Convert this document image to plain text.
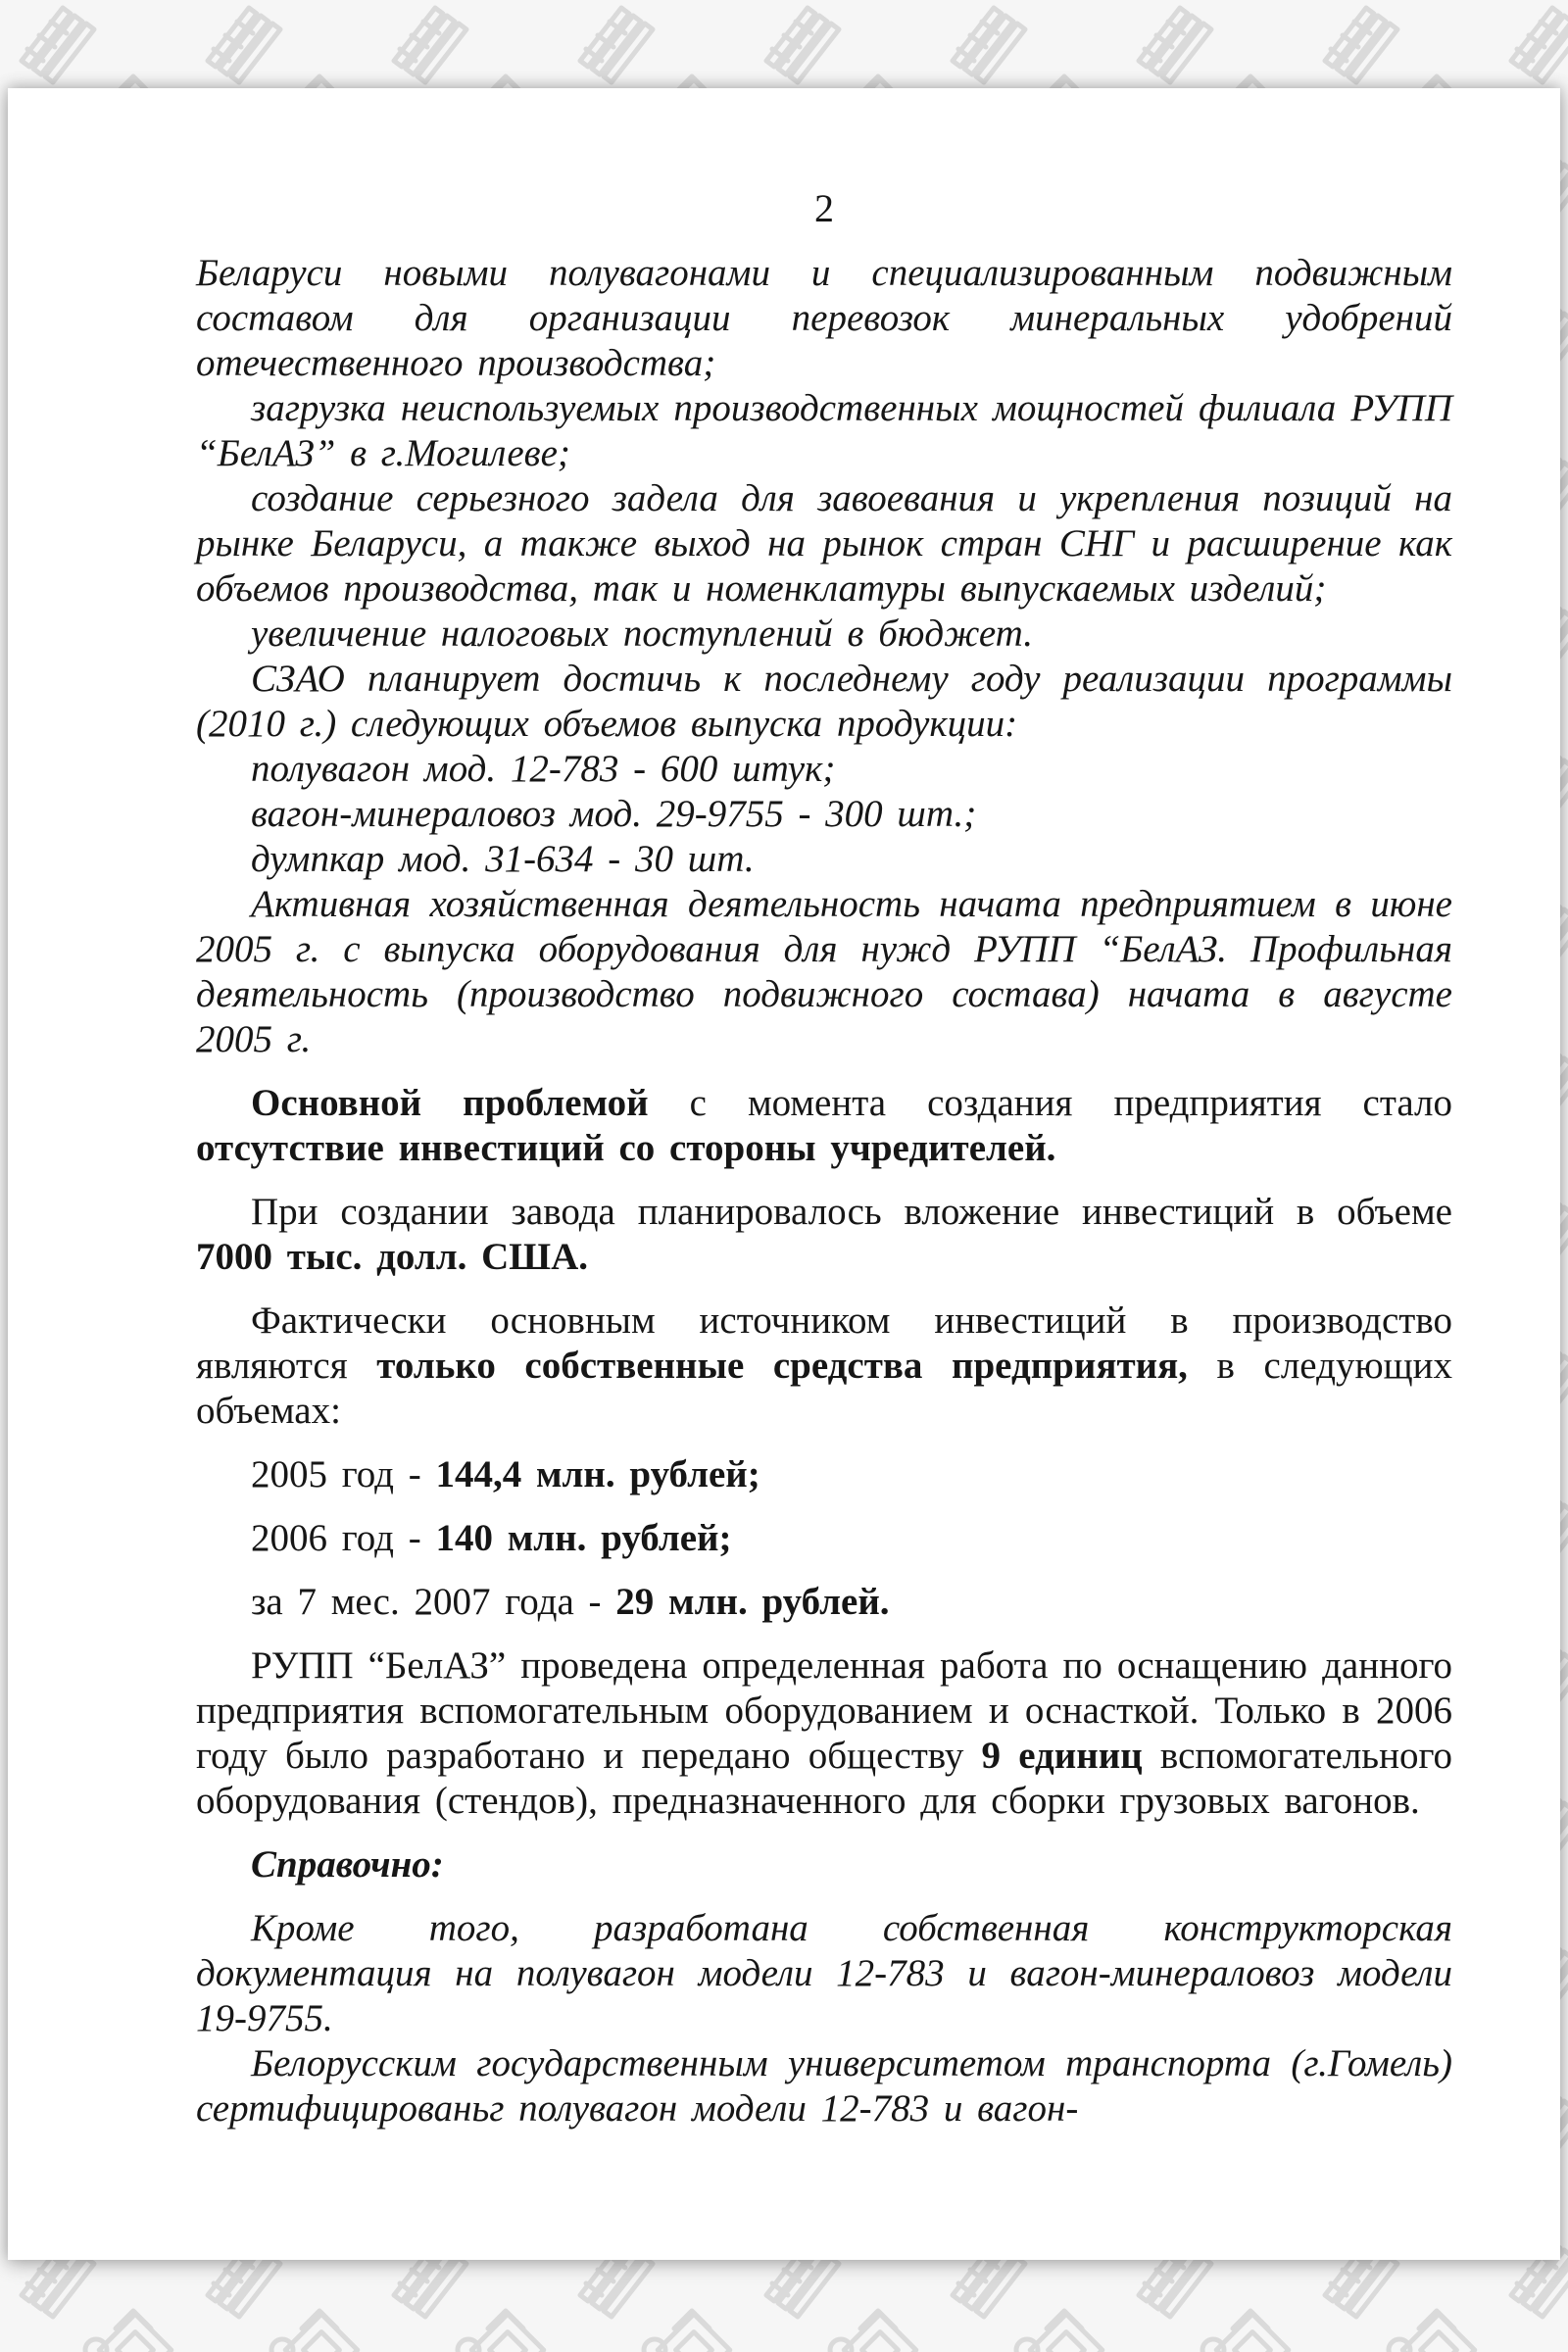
2

Беларуси новыми полувагонами и специализированным подвижным составом для организации перевозок минеральных удобрений отечественного производства;

загрузка неиспользуемых производственных мощностей филиала РУПП “БелАЗ” в г.Могилеве;

создание серьезного задела для завоевания и укрепления позиций на рынке Беларуси, а также выход на рынок стран СНГ и расширение как объемов производства, так и номенклатуры выпускаемых изделий;

увеличение налоговых поступлений в бюджет.

СЗАО планирует достичь к последнему году реализации программы (2010 г.) следующих объемов выпуска продукции:

полувагон мод. 12-783 - 600 штук;

вагон-минераловоз мод. 29-9755 - 300 шт.;

думпкар мод. 31-634 - 30 шт.

Активная хозяйственная деятельность начата предприятием в июне 2005 г. с выпуска оборудования для нужд РУПП “БелАЗ. Профильная деятельность (производство подвижного состава) начата в августе 2005 г.

Основной проблемой с момента создания предприятия стало отсутствие инвестиций со стороны учредителей.

При создании завода планировалось вложение инвестиций в объеме 7000 тыс. долл. США.

Фактически основным источником инвестиций в производство являются только собственные средства предприятия, в следующих объемах:

2005 год - 144,4 млн. рублей;

2006 год - 140 млн. рублей;

за 7 мес. 2007 года - 29 млн. рублей.

РУПП “БелАЗ” проведена определенная работа по оснащению данного предприятия вспомогательным оборудованием и оснасткой. Только в 2006 году было разработано и передано обществу 9 единиц вспомогательного оборудования (стендов), предназначенного для сборки грузовых вагонов.

Справочно:

Кроме того, разработана собственная конструкторская документация на полувагон модели 12-783 и вагон-минераловоз модели 19-9755.

Белорусским государственным университетом транспорта (г.Гомель) сертифицированьг полувагон модели 12-783 и вагон-
